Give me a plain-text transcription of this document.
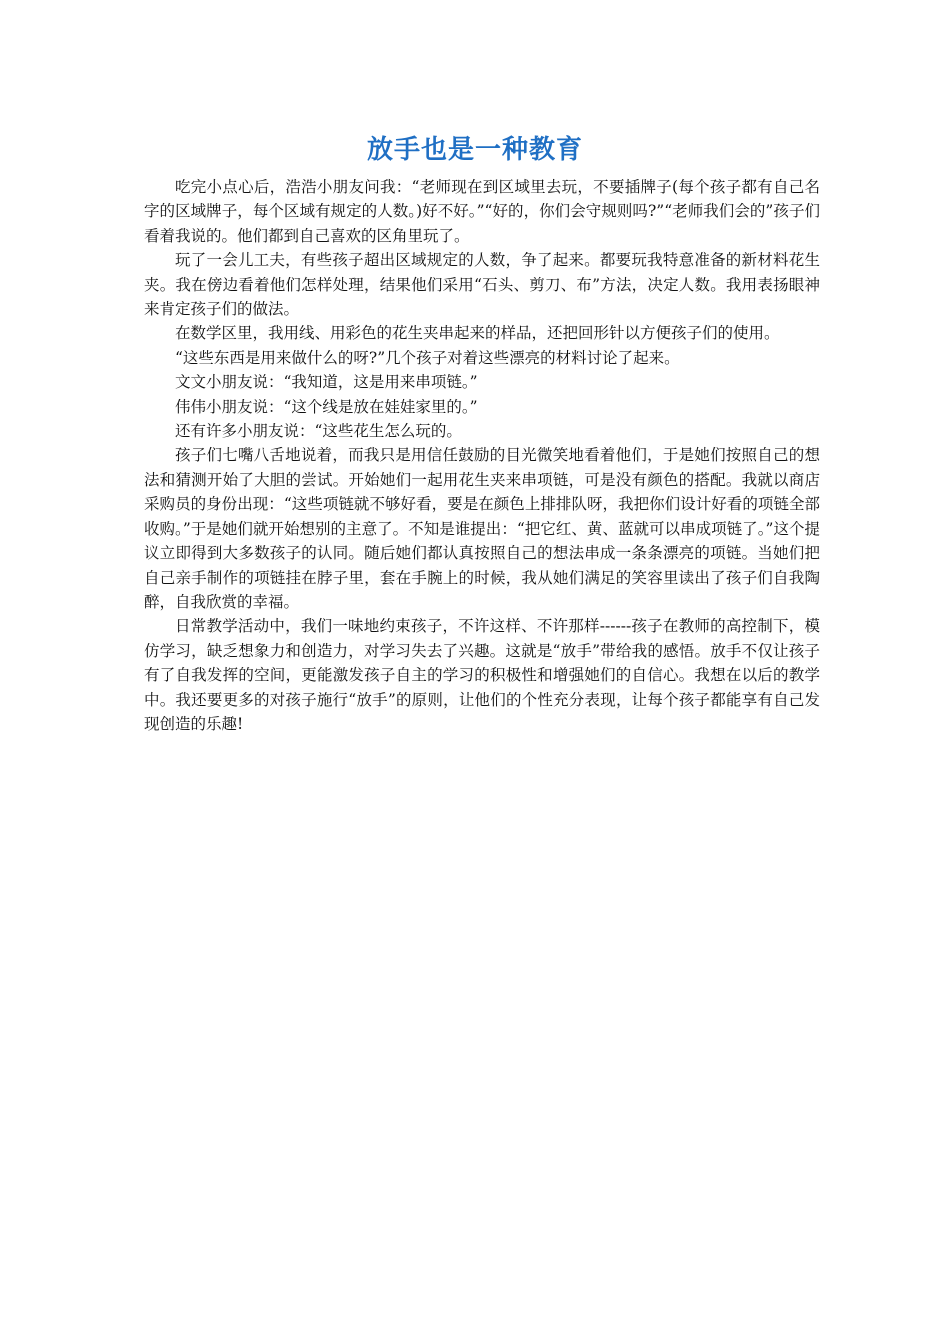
放手也是一种教育

吃完小点心后，浩浩小朋友问我：“老师现在到区域里去玩，不要插牌子(每个孩子都有自己名字的区域牌子，每个区域有规定的人数。)好不好。”“好的，你们会守规则吗?”“老师我们会的”孩子们看着我说的。他们都到自己喜欢的区角里玩了。

玩了一会儿工夫，有些孩子超出区域规定的人数，争了起来。都要玩我特意准备的新材料花生夹。我在傍边看着他们怎样处理，结果他们采用“石头、剪刀、布”方法，决定人数。我用表扬眼神来肯定孩子们的做法。

在数学区里，我用线、用彩色的花生夹串起来的样品，还把回形针以方便孩子们的使用。

“这些东西是用来做什么的呀?”几个孩子对着这些漂亮的材料讨论了起来。

文文小朋友说：“我知道，这是用来串项链。”

伟伟小朋友说：“这个线是放在娃娃家里的。”

还有许多小朋友说：“这些花生怎么玩的。

孩子们七嘴八舌地说着，而我只是用信任鼓励的目光微笑地看着他们，于是她们按照自己的想法和猜测开始了大胆的尝试。开始她们一起用花生夹来串项链，可是没有颜色的搭配。我就以商店采购员的身份出现：“这些项链就不够好看，要是在颜色上排排队呀，我把你们设计好看的项链全部收购。”于是她们就开始想别的主意了。不知是谁提出：“把它红、黄、蓝就可以串成项链了。”这个提议立即得到大多数孩子的认同。随后她们都认真按照自己的想法串成一条条漂亮的项链。当她们把自己亲手制作的项链挂在脖子里，套在手腕上的时候，我从她们满足的笑容里读出了孩子们自我陶醉，自我欣赏的幸福。

日常教学活动中，我们一味地约束孩子，不许这样、不许那样------孩子在教师的高控制下，模仿学习，缺乏想象力和创造力，对学习失去了兴趣。这就是“放手”带给我的感悟。放手不仅让孩子有了自我发挥的空间，更能激发孩子自主的学习的积极性和增强她们的自信心。我想在以后的教学中。我还要更多的对孩子施行“放手”的原则，让他们的个性充分表现，让每个孩子都能享有自己发现创造的乐趣!
